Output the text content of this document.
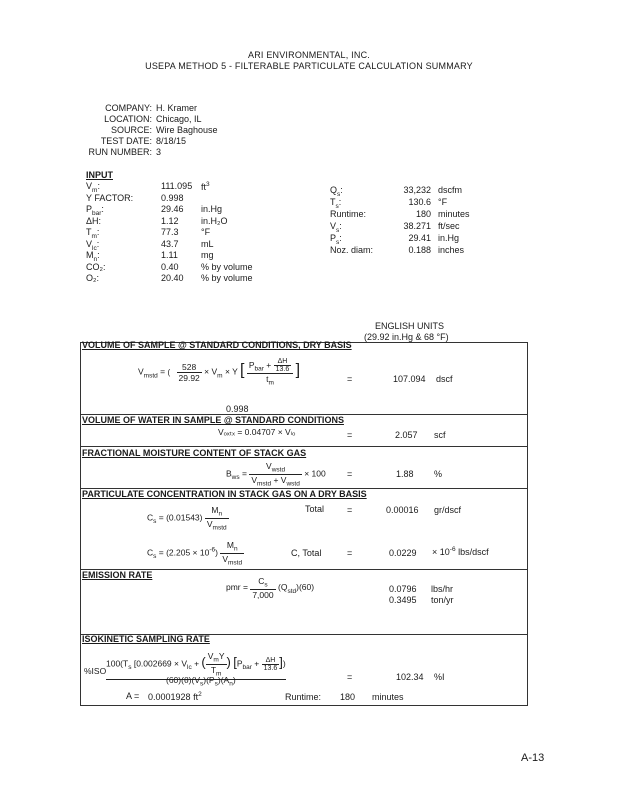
ARI ENVIRONMENTAL, INC.
USEPA METHOD 5 - FILTERABLE PARTICULATE CALCULATION SUMMARY
COMPANY: H. Kramer
LOCATION: Chicago, IL
SOURCE: Wire Baghouse
TEST DATE: 8/18/15
RUN NUMBER: 3
INPUT
$V_m$:	111.095 $ft^3$
Y FACTOR:	0.998
$P_{bar}$:	29.46 in.Hg
ΔH:	1.12 in.H₂O
$T_m$:	77.3 °F
$V_{lc}$:	43.7 mL
$M_n$:	1.11	mg
CO₂:	0.40 % by volume
O₂:	20.40 % by volume
$Q_s$:	33,232 dscfm
$T_s$:	130.6 °F
Runtime:	180 minutes
$V_s$:	38.271 ft/sec
$P_s$:	29.41 in.Hg
Noz. diam:	0.188 inches
ENGLISH UNITS
(29.92 in.Hg & 68 °F)
VOLUME OF SAMPLE @ STANDARD CONDITIONS, DRY BASIS
$V_{mstd}$ = ( $\frac{528}{29.92} \times V_m \times Y$ [ $\frac{P_{bar} + \frac{\Delta H}{13.6}}{t_m}$ ]
=	107.094 dscf
0.998
VOLUME OF WATER IN SAMPLE @ STANDARD CONDITIONS
Vₒₓₜₓ = 0.04707 × Vₗₒ	=	2.057 scf
FRACTIONAL MOISTURE CONTENT OF STACK GAS
$B_{ws} = \frac{V_{wstd}}{V_{mstd} + V_{wstd}} \times 100$ =	1.88 %
PARTICULATE CONCENTRATION IN STACK GAS ON A DRY BASIS
$C_s = (0.01543) \frac{M_n}{V_{mstd}}$	Total	=	0.00016 gr/dscf
$C_s = (2.205 \times 10^{-6}) \frac{M_n}{V_{mstd}}$	C, Total	=	$0.0229 \times 10^{-6}$ lbs/dscf
EMISSION RATE
pmr = $\frac{C_s}{7,000} (Q_{std})(60)$	0.0796 lbs/hr
0.3495 ton/yr
ISOKINETIC SAMPLING RATE
%ISO
$100(T_s$ [$0.002669 \times V_{lc}$ + ( $\frac{V_mY}{T_m}$ ) [$P_{bar} + \frac{\Delta H}{13.6}$ ])
$(60)(\theta)(V_s)(P_s)(A_n)$	=	102.34 %I
A = 0.0001928 $ft^2$	Runtime: 180 minutes
A-13
